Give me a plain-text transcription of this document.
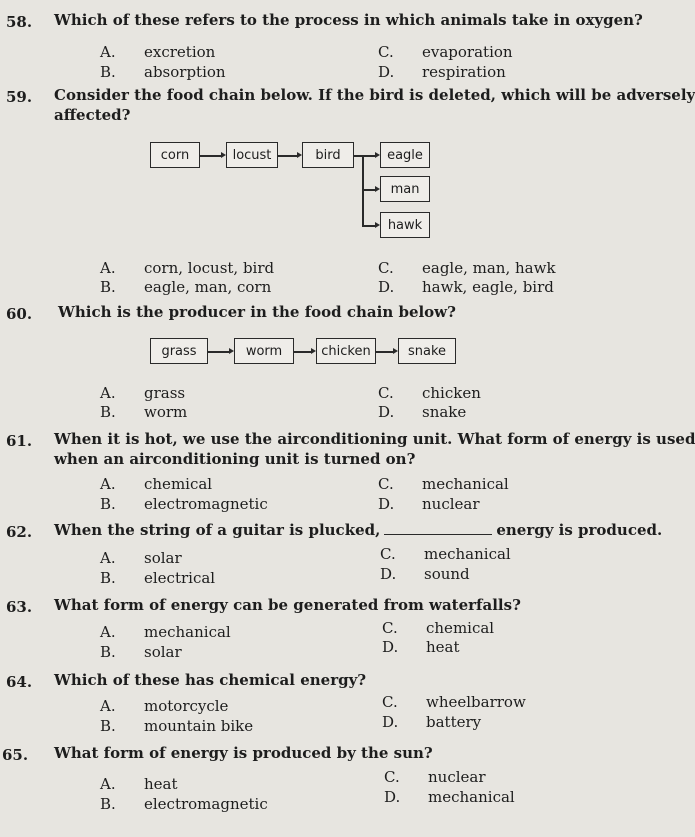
58. Which of these refers to the process in which animals take in oxygen?
A. excretion
B. absorption
C. evaporation
D. respiration
59. Consider the food chain below. If the bird is deleted, which will be adversely
affected?
corn	locust	bird	eagle
man
hawk
A. corn, locust, bird
B. eagle, man, corn
C. eagle, man, hawk
D. hawk, eagle, bird
60. Which is the producer in the food chain below?
grass	worm	chicken	snake
A. grass
B. worm
C. chicken
D. snake
61. When it is hot, we use the airconditioning unit. What form of energy is used
when an airconditioning unit is turned on?
A. chemical
B. electromagnetic
C. mechanical
D. nuclear
62. When the string of a guitar is plucked,	energy is produced.
A. solar
B. electrical
C. mechanical
D. sound
63. What form of energy can be generated from waterfalls?
A. mechanical
B. solar
C. chemical
D. heat
64. Which of these has chemical energy?
A. motorcycle
B. mountain bike
C. wheelbarrow
D. battery
65. What form of energy is produced by the sun?
A. heat
B. electromagnetic
C. nuclear
D. mechanical
